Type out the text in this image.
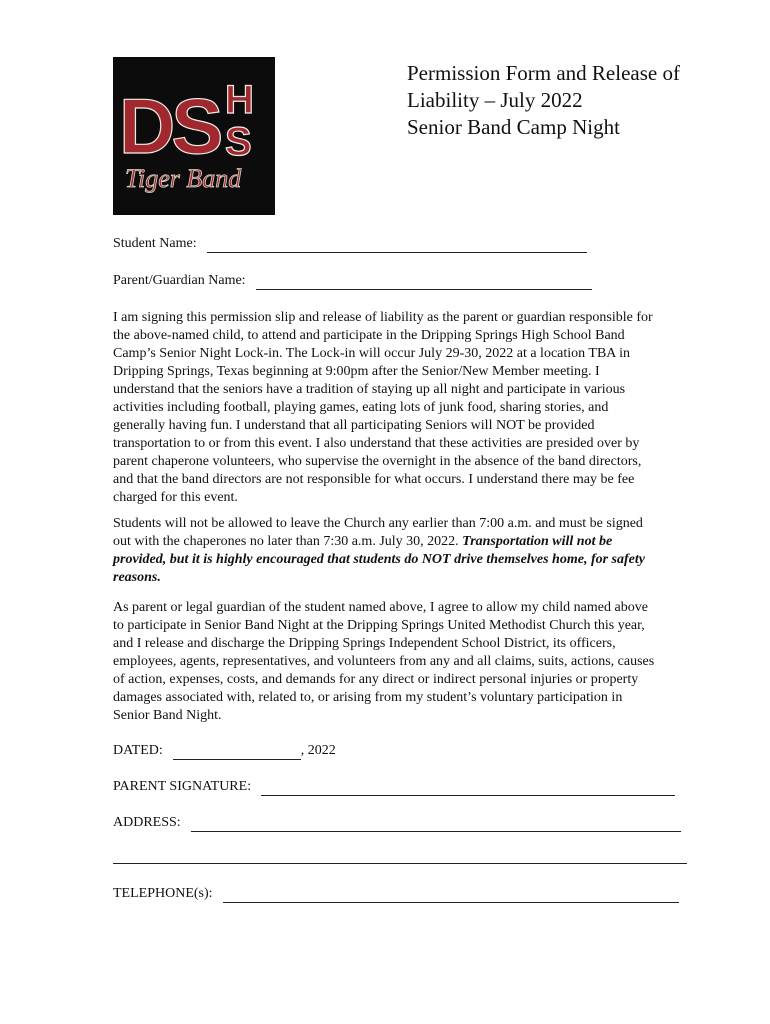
DS H
S
Tiger Band
Permission Form and Release of
Liability – July 2022
Senior Band Camp Night
Student Name:
Parent/Guardian Name:
I am signing this permission slip and release of liability as the parent or guardian responsible for
the above-named child, to attend and participate in the Dripping Springs High School Band
Camp’s Senior Night Lock-in. The Lock-in will occur July 29-30, 2022 at a location TBA in
Dripping Springs, Texas beginning at 9:00pm after the Senior/New Member meeting. I
understand that the seniors have a tradition of staying up all night and participate in various
activities including football, playing games, eating lots of junk food, sharing stories, and
generally having fun. I understand that all participating Seniors will NOT be provided
transportation to or from this event. I also understand that these activities are presided over by
parent chaperone volunteers, who supervise the overnight in the absence of the band directors,
and that the band directors are not responsible for what occurs. I understand there may be fee
charged for this event.
Students will not be allowed to leave the Church any earlier than 7:00 a.m. and must be signed
out with the chaperones no later than 7:30 a.m. July 30, 2022. Transportation will not be
provided, but it is highly encouraged that students do NOT drive themselves home, for safety
reasons.
As parent or legal guardian of the student named above, I agree to allow my child named above
to participate in Senior Band Night at the Dripping Springs United Methodist Church this year,
and I release and discharge the Dripping Springs Independent School District, its officers,
employees, agents, representatives, and volunteers from any and all claims, suits, actions, causes
of action, expenses, costs, and demands for any direct or indirect personal injuries or property
damages associated with, related to, or arising from my student’s voluntary participation in
Senior Band Night.
DATED:	, 2022
PARENT SIGNATURE:
ADDRESS:
TELEPHONE(s):
